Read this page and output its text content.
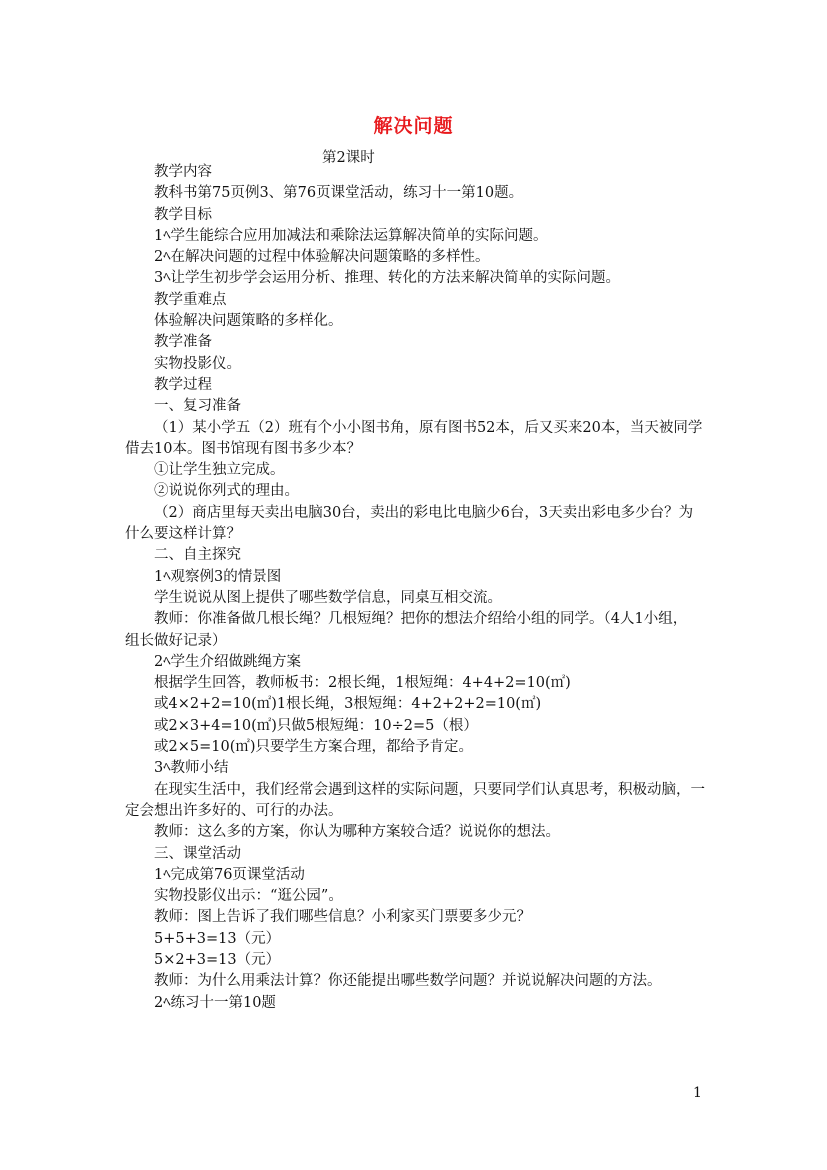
解决问题
第2课时
教学内容
教科书第75页例3、第76页课堂活动，练习十一第10题。
教学目标
1ﾍ学生能综合应用加减法和乘除法运算解决简单的实际问题。
2ﾍ在解决问题的过程中体验解决问题策略的多样性。
3ﾍ让学生初步学会运用分析、推理、转化的方法来解决简单的实际问题。
教学重难点
体验解决问题策略的多样化。
教学准备
实物投影仪。
教学过程
一、复习准备
（1）某小学五（2）班有个小小图书角，原有图书52本，后又买来20本，当天被同学
借去10本。图书馆现有图书多少本？
①让学生独立完成。
②说说你列式的理由。
（2）商店里每天卖出电脑30台，卖出的彩电比电脑少6台，3天卖出彩电多少台？为
什么要这样计算？
二、自主探究
1ﾍ观察例3的情景图
学生说说从图上提供了哪些数学信息，同桌互相交流。
教师：你准备做几根长绳？几根短绳？把你的想法介绍给小组的同学。（4人1小组，
组长做好记录）
2ﾍ学生介绍做跳绳方案
根据学生回答，教师板书：2根长绳，1根短绳：4+4+2=10(㎡)
或4×2+2=10(㎡)1根长绳，3根短绳：4+2+2+2=10(㎡)
或2×3+4=10(㎡)只做5根短绳：10÷2=5（根）
或2×5=10(㎡)只要学生方案合理，都给予肯定。
3ﾍ教师小结
在现实生活中，我们经常会遇到这样的实际问题，只要同学们认真思考，积极动脑，一
定会想出许多好的、可行的办法。
教师：这么多的方案，你认为哪种方案较合适？说说你的想法。
三、课堂活动
1ﾍ完成第76页课堂活动
实物投影仪出示：“逛公园”。
教师：图上告诉了我们哪些信息？小利家买门票要多少元？
5+5+3=13（元）
5×2+3=13（元）
教师：为什么用乘法计算？你还能提出哪些数学问题？并说说解决问题的方法。
2ﾍ练习十一第10题
1
